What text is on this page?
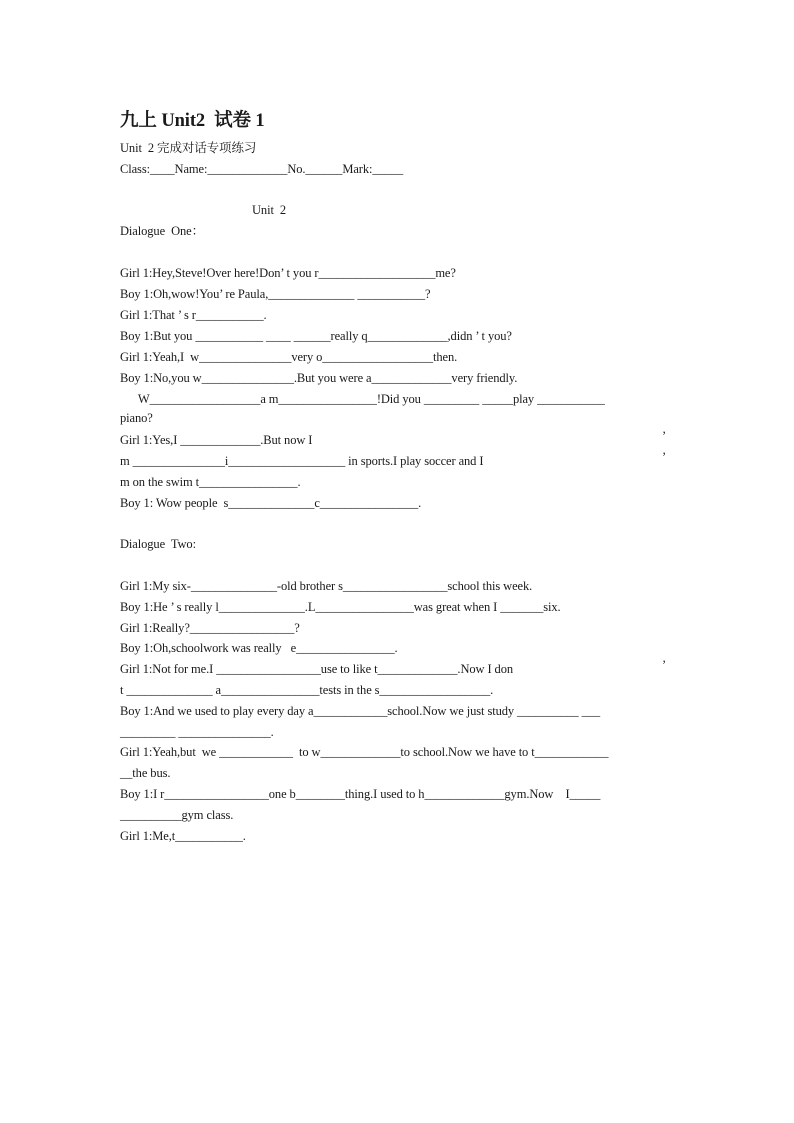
九上 Unit2  试卷 1
Unit  2 完成对话专项练习
Class:____Name:_____________No.______Mark:_____
Unit  2
Dialogue  One：
Girl 1:Hey,Steve!Over here!Don’ t you r___________________me?
Boy 1:Oh,wow!You’ re Paula,______________ ___________?
Girl 1:That ’ s r___________.
Boy 1:But you ___________ ____ ______really q_____________,didn ’ t you?
Girl 1:Yeah,I  w_______________very o__________________then.
Boy 1:No,you w_______________.But you were a_____________very friendly.
W__________________a m________________!Did you _________ _____play ___________
piano?
Girl 1:Yes,I _____________.But now I	’
m _______________i___________________ in sports.I play soccer and I	’
m on the swim t________________.
Boy 1: Wow people  s______________c________________.
Dialogue  Two:
Girl 1:My six-______________-old brother s_________________school this week.
Boy 1:He ’ s really l______________.L________________was great when I _______six.
Girl 1:Really?_________________?
Boy 1:Oh,schoolwork was really   e________________.
Girl 1:Not for me.I _________________use to like t_____________.Now I don	’
t ______________ a________________tests in the s__________________.
Boy 1:And we used to play every day a____________school.Now we just study __________ ___
_________ _______________.
Girl 1:Yeah,but  we ____________  to w_____________to school.Now we have to t____________
__the bus.
Boy 1:I r_________________one b________thing.I used to h_____________gym.Now    I_____
__________gym class.
Girl 1:Me,t___________.
